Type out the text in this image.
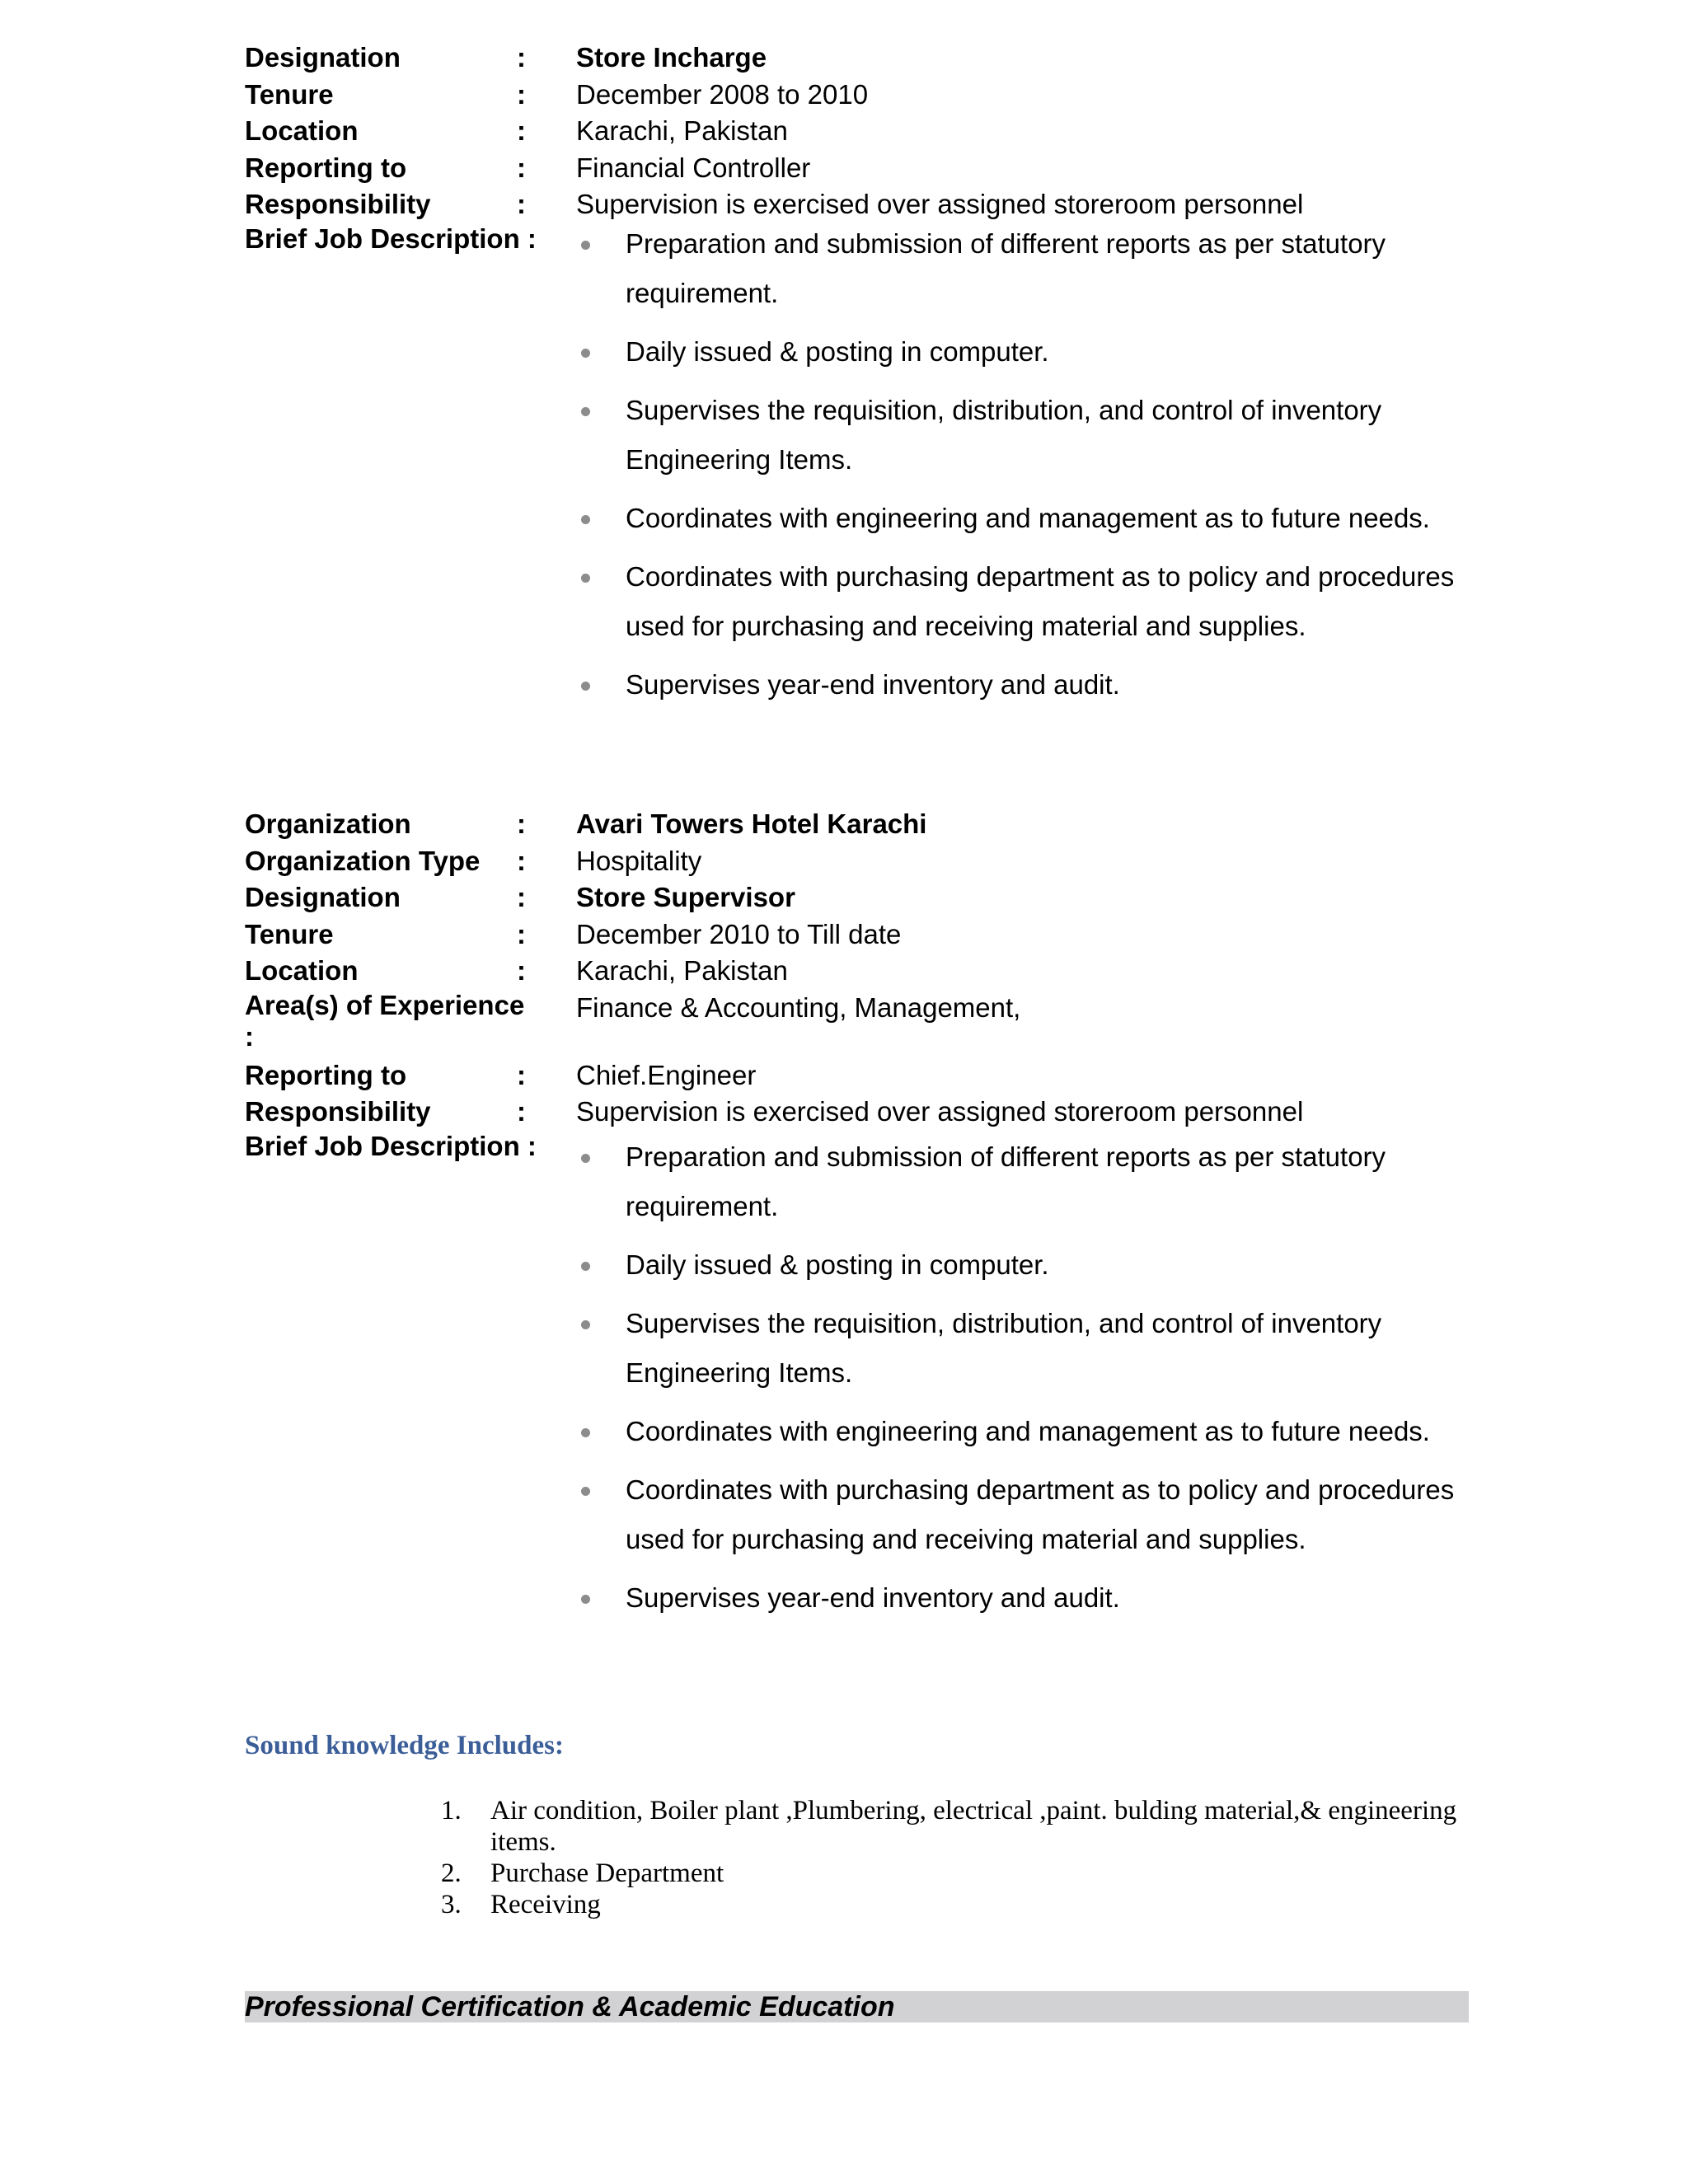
Designation	: Store Incharge
Tenure	: December 2008 to 2010
Location	: Karachi, Pakistan
Reporting to	: Financial Controller
Responsibility	: Supervision is exercised over assigned storeroom personnel
Brief Job Description :	Preparation and submission of different reports as per statutory requirement.
Daily issued & posting in computer.
Supervises the requisition, distribution, and control of inventory Engineering Items.
Coordinates with engineering and management as to future needs.
Coordinates with purchasing department as to policy and procedures used for purchasing and receiving material and supplies.
Supervises year-end inventory and audit.
Organization	: Avari Towers Hotel Karachi
Organization Type	: Hospitality
Designation	: Store Supervisor
Tenure	: December 2010 to Till date
Location	: Karachi, Pakistan
Area(s) of Experience :
Finance & Accounting, Management,
Reporting to	: Chief.Engineer
Responsibility	: Supervision is exercised over assigned storeroom personnel
Brief Job Description :	Preparation and submission of different reports as per statutory requirement.
Daily issued & posting in computer.
Supervises the requisition, distribution, and control of inventory Engineering Items.
Coordinates with engineering and management as to future needs.
Coordinates with purchasing department as to policy and procedures used for purchasing and receiving material and supplies.
Supervises year-end inventory and audit.
Sound knowledge Includes:
1. Air condition, Boiler plant ,Plumbering, electrical ,paint. bulding material,& engineering items.
2. Purchase Department
3. Receiving
Professional Certification & Academic Education
